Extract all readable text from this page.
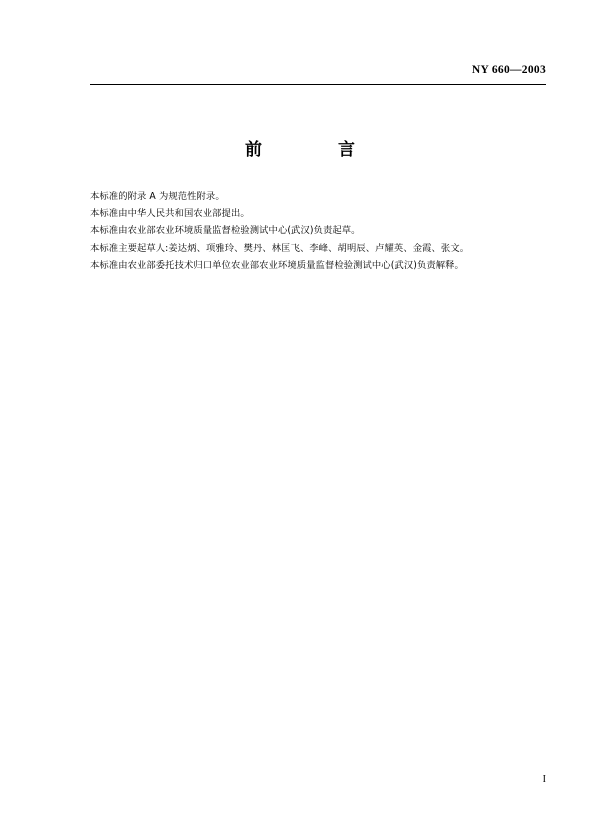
NY 660—2003
前　　言
本标准的附录 A 为规范性附录。
本标准由中华人民共和国农业部提出。
本标准由农业部农业环境质量监督检验测试中心(武汉)负责起草。
本标准主要起草人:姜达炳、项雅玲、樊丹、林匡飞、李峰、胡明辰、卢耀英、金霞、张文。
本标准由农业部委托技术归口单位农业部农业环境质量监督检验测试中心(武汉)负责解释。
I
